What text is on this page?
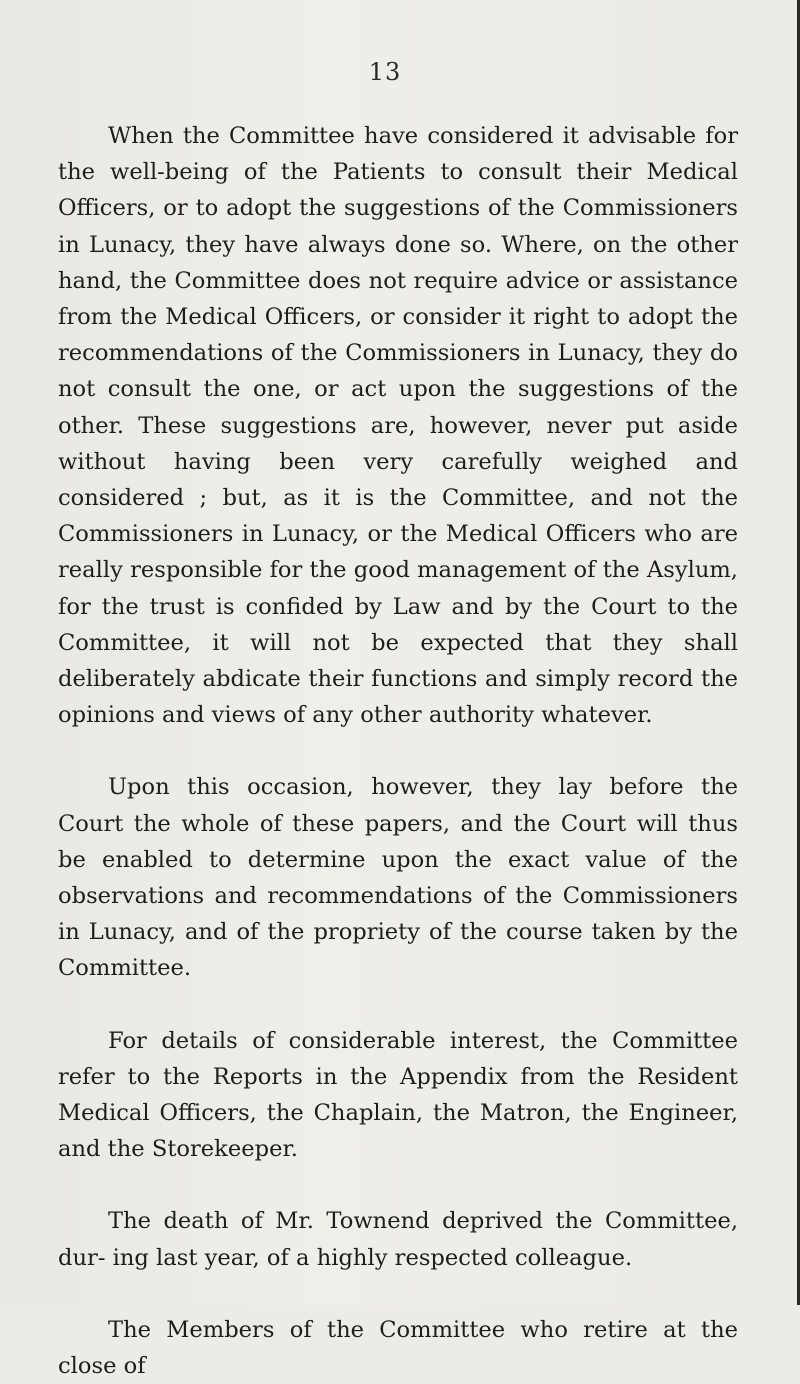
13

When the Committee have considered it advisable for the well-being of the Patients to consult their Medical Officers, or to adopt the suggestions of the Commissioners in Lunacy, they have always done so. Where, on the other hand, the Committee does not require advice or assistance from the Medical Officers, or consider it right to adopt the recommendations of the Commissioners in Lunacy, they do not consult the one, or act upon the suggestions of the other. These suggestions are, however, never put aside without having been very carefully weighed and considered ; but, as it is the Committee, and not the Commissioners in Lunacy, or the Medical Officers who are really responsible for the good management of the Asylum, for the trust is confided by Law and by the Court to the Committee, it will not be expected that they shall deliberately abdicate their functions and simply record the opinions and views of any other authority whatever.

Upon this occasion, however, they lay before the Court the whole of these papers, and the Court will thus be enabled to determine upon the exact value of the observations and recommendations of the Commissioners in Lunacy, and of the propriety of the course taken by the Committee.

For details of considerable interest, the Committee refer to the Reports in the Appendix from the Resident Medical Officers, the Chaplain, the Matron, the Engineer, and the Storekeeper.

The death of Mr. Townend deprived the Committee, dur- ing last year, of a highly respected colleague.

The Members of the Committee who retire at the close of
